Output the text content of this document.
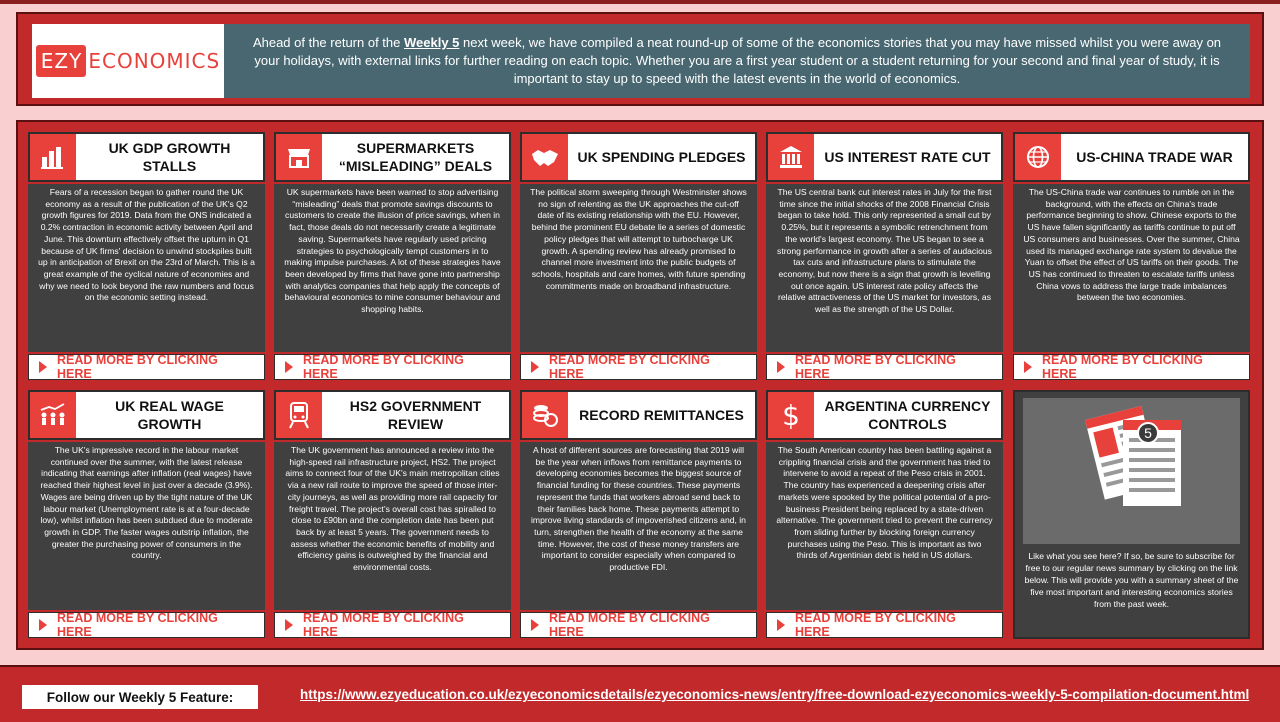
EZY ECONOMICS

Ahead of the return of the Weekly 5 next week, we have compiled a neat round-up of some of the economics stories that you may have missed whilst you were away on your holidays, with external links for further reading on each topic. Whether you are a first year student or a student returning for your second and final year of study, it is important to stay up to speed with the latest events in the world of economics.

UK GDP GROWTH STALLS
Fears of a recession began to gather round the UK economy as a result of the publication of the UK's Q2 growth figures for 2019. Data from the ONS indicated a 0.2% contraction in economic activity between April and June. This downturn effectively offset the upturn in Q1 because of UK firms' decision to unwind stockpiles built up in anticipation of Brexit on the 23rd of March. This is a great example of the cyclical nature of economies and why we need to look beyond the raw numbers and focus on the economic setting instead.
READ MORE BY CLICKING HERE
SUPERMARKETS “MISLEADING” DEALS
UK supermarkets have been warned to stop advertising “misleading” deals that promote savings discounts to customers to create the illusion of price savings, when in fact, those deals do not necessarily create a legitimate saving. Supermarkets have regularly used pricing strategies to psychologically tempt customers in to making impulse purchases. A lot of these strategies have been developed by firms that have gone into partnership with analytics companies that help apply the concepts of behavioural economics to mine consumer behaviour and shopping habits.
READ MORE BY CLICKING HERE
UK SPENDING PLEDGES
The political storm sweeping through Westminster shows no sign of relenting as the UK approaches the cut-off date of its existing relationship with the EU. However, behind the prominent EU debate lie a series of domestic policy pledges that will attempt to turbocharge UK growth. A spending review has already promised to channel more investment into the public budgets of schools, hospitals and care homes, with future spending commitments made on broadband infrastructure.
READ MORE BY CLICKING HERE
US INTEREST RATE CUT
The US central bank cut interest rates in July for the first time since the initial shocks of the 2008 Financial Crisis began to take hold. This only represented a small cut by 0.25%, but it represents a symbolic retrenchment from the world's largest economy. The US began to see a strong performance in growth after a series of audacious tax cuts and infrastructure plans to stimulate the economy, but now there is a sign that growth is levelling out once again. US interest rate policy affects the relative attractiveness of the US market for investors, as well as the strength of the US Dollar.
READ MORE BY CLICKING HERE
US-CHINA TRADE WAR
The US-China trade war continues to rumble on in the background, with the effects on China's trade performance beginning to show. Chinese exports to the US have fallen significantly as tariffs continue to put off US consumers and businesses. Over the summer, China used its managed exchange rate system to devalue the Yuan to offset the effect of US tariffs on their goods. The US has continued to threaten to escalate tariffs unless China vows to address the large trade imbalances between the two economies.
READ MORE BY CLICKING HERE
UK REAL WAGE GROWTH
The UK's impressive record in the labour market continued over the summer, with the latest release indicating that earnings after inflation (real wages) have reached their highest level in just over a decade (3.9%). Wages are being driven up by the tight nature of the UK labour market (Unemployment rate is at a four-decade low), whilst inflation has been subdued due to moderate growth in GDP. The faster wages outstrip inflation, the greater the purchasing power of consumers in the country.
READ MORE BY CLICKING HERE
HS2 GOVERNMENT REVIEW
The UK government has announced a review into the high-speed rail infrastructure project, HS2. The project aims to connect four of the UK's main metropolitan cities via a new rail route to improve the speed of those inter-city journeys, as well as providing more rail capacity for freight travel. The project's overall cost has spiralled to close to £90bn and the completion date has been put back by at least 5 years. The government needs to assess whether the economic benefits of mobility and efficiency gains is outweighed by the financial and environmental costs.
READ MORE BY CLICKING HERE
RECORD REMITTANCES
A host of different sources are forecasting that 2019 will be the year when inflows from remittance payments to developing economies becomes the biggest source of financial funding for these countries. These payments represent the funds that workers abroad send back to their families back home. These payments attempt to improve living standards of impoverished citizens and, in turn, strengthen the health of the economy at the same time. However, the cost of these money transfers are important to consider especially when compared to productive FDI.
READ MORE BY CLICKING HERE
$	ARGENTINA CURRENCY CONTROLS
The South American country has been battling against a crippling financial crisis and the government has tried to intervene to avoid a repeat of the Peso crisis in 2001. The country has experienced a deepening crisis after markets were spooked by the political potential of a pro-business President being replaced by a state-driven alternative. The government tried to prevent the currency from sliding further by blocking foreign currency purchases using the Peso. This is important as two thirds of Argentinian debt is held in US dollars.
READ MORE BY CLICKING HERE
5
Like what you see here? If so, be sure to subscribe for free to our regular news summary by clicking on the link below. This will provide you with a summary sheet of the five most important and interesting economics stories from the past week.
Follow our Weekly 5 Feature:	https://www.ezyeducation.co.uk/ezyeconomicsdetails/ezyeconomics-news/entry/free-download-ezyeconomics-weekly-5-compilation-document.html
